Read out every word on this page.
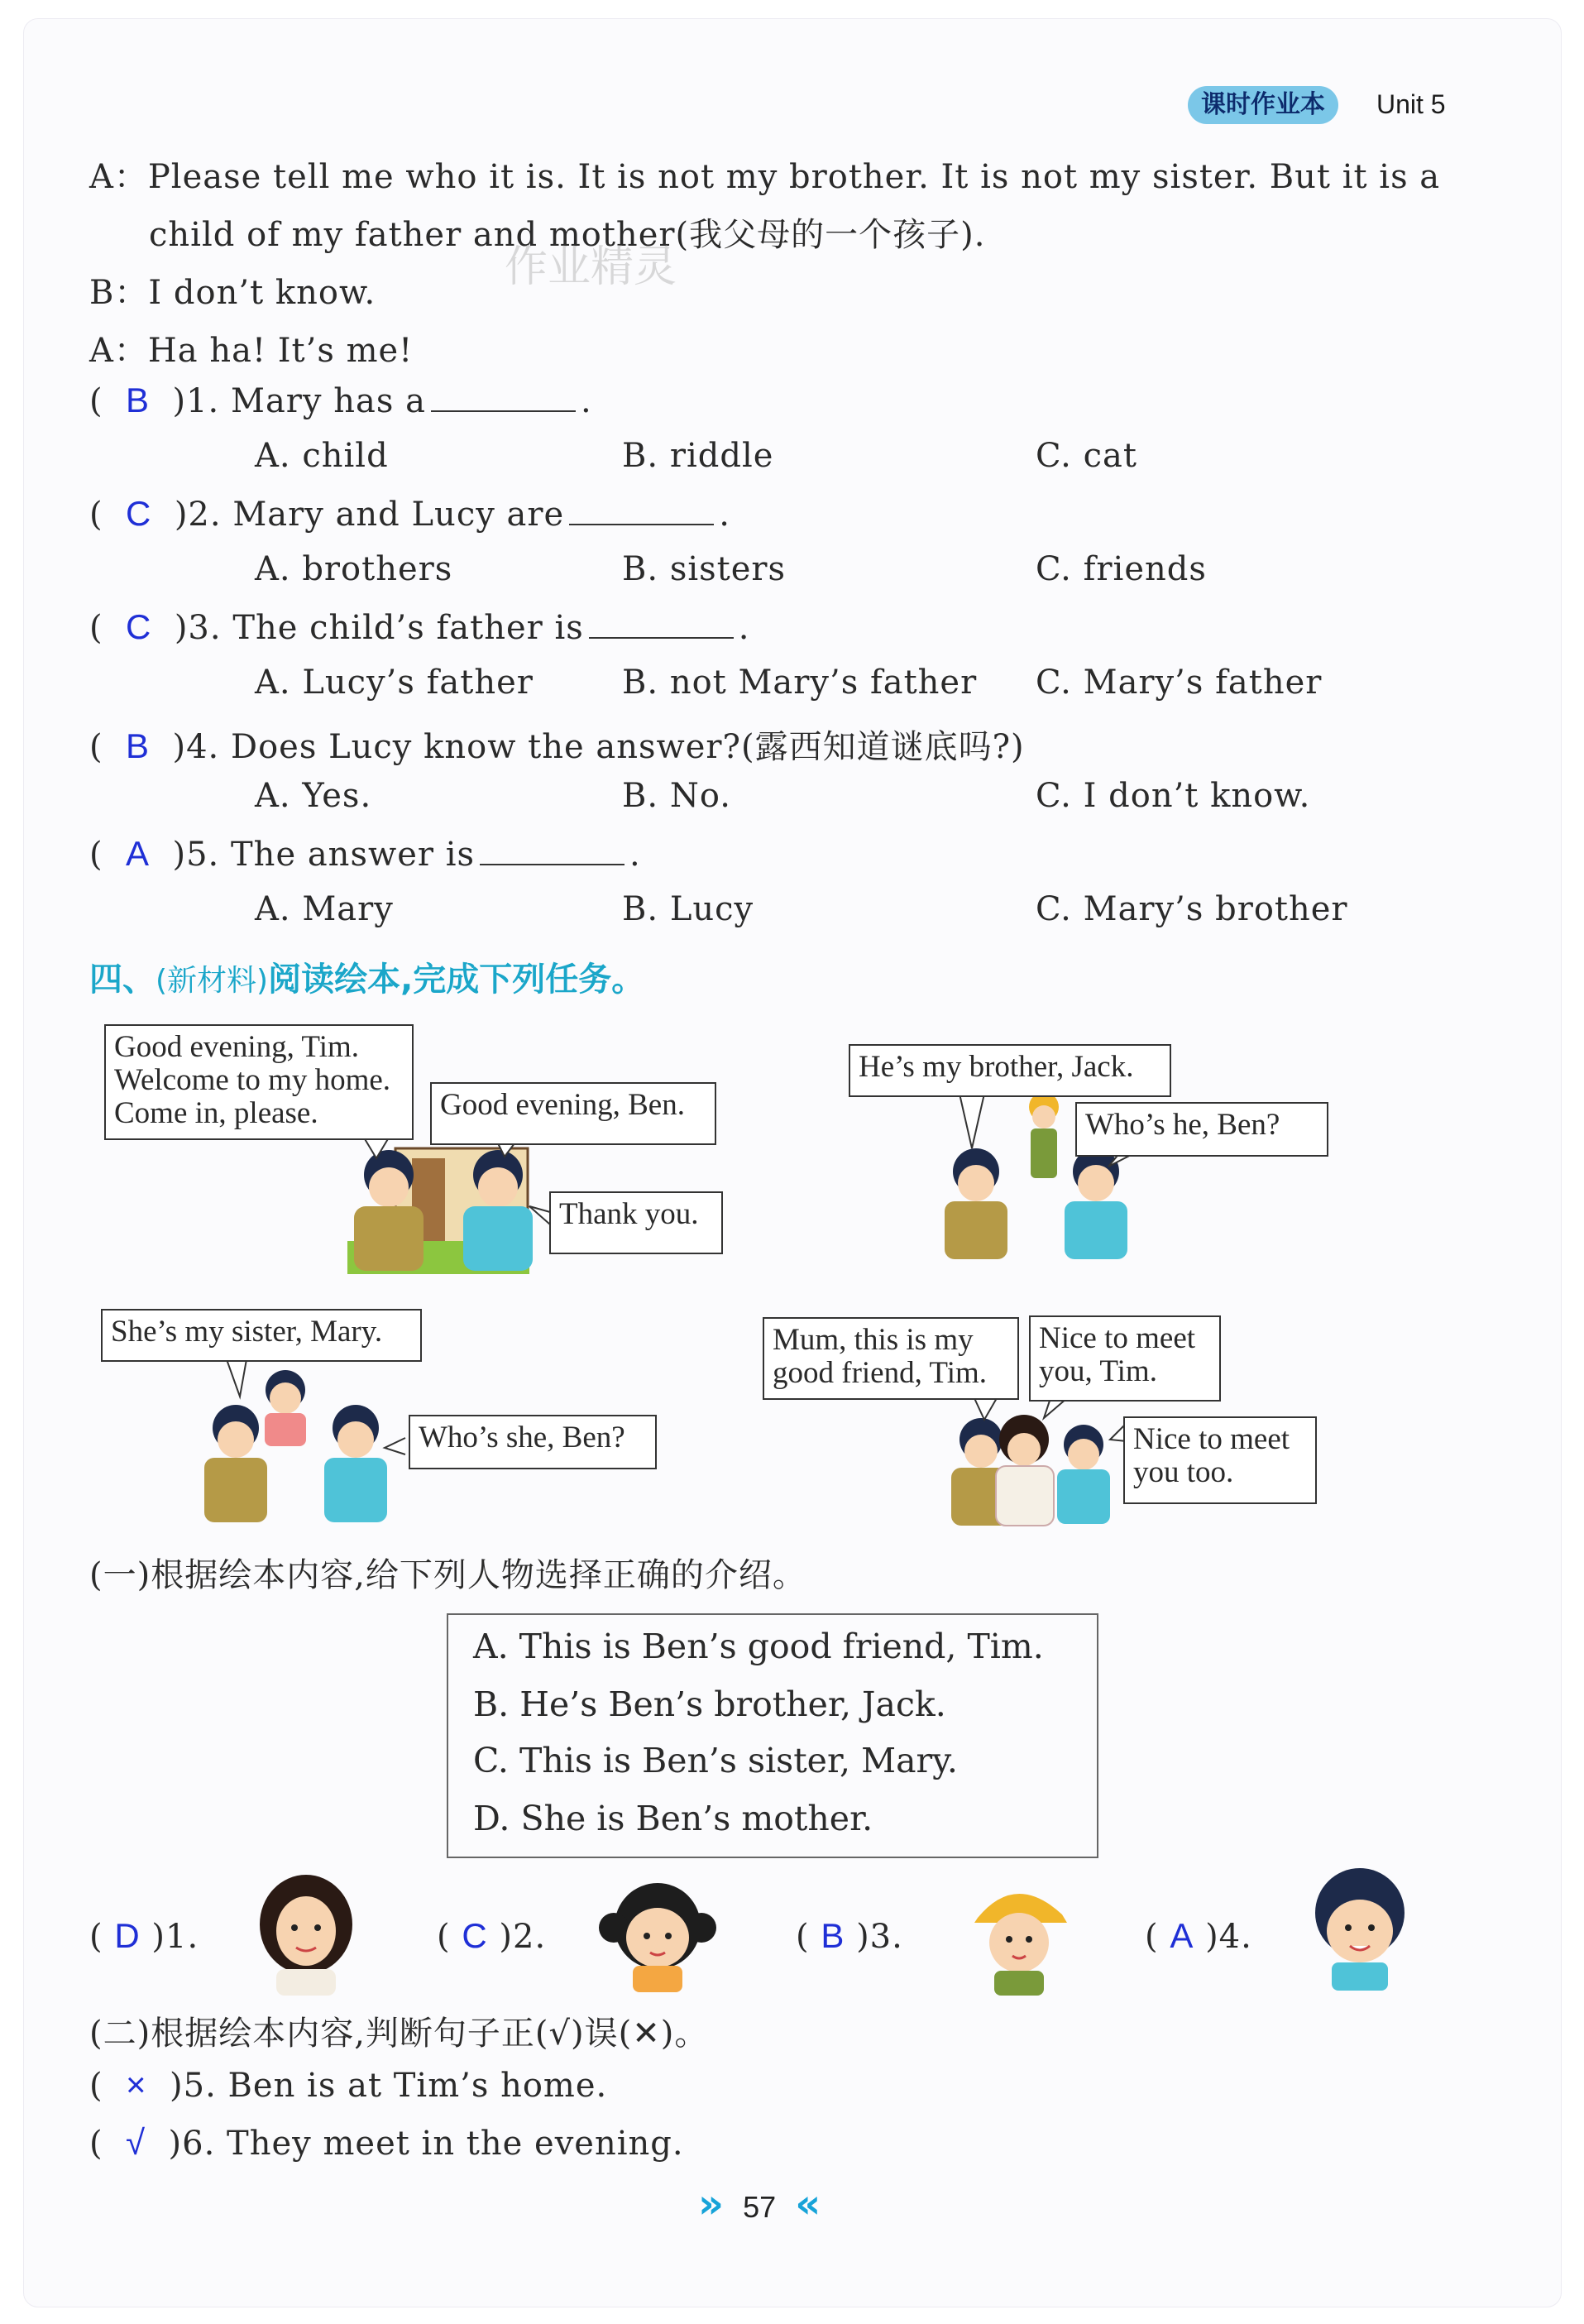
课时作业本	Unit 5
A：Please tell me who it is. It is not my brother. It is not my sister. But it is a
child of my father and mother(我父母的一个孩子).
B：I don’t know.
A：Ha ha! It’s me!
作业精灵
(  B )1. Mary has a	.
A. child	B. riddle	C. cat
(  C )2. Mary and Lucy are	.
A. brothers	B. sisters	C. friends
(  C )3. The child’s father is	.
A. Lucy’s father	B. not Mary’s father C. Mary’s father
(  B )4. Does Lucy know the answer?(露西知道谜底吗?)
A. Yes.	B. No.	C. I don’t know.
(  A )5. The answer is	.
A. Mary	B. Lucy	C. Mary’s brother
四、(新材料)阅读绘本,完成下列任务。
Good evening, Tim.
Welcome to my home.
Come in, please.	Good evening, Ben.
Thank you.
He’s my brother, Jack.
Who’s he, Ben?
She’s my sister, Mary.
Who’s she, Ben?
Mum, this is my
good friend, Tim.
Nice to meet
you, Tim.
Nice to meet
you too.
(一)根据绘本内容,给下列人物选择正确的介绍。
A. This is Ben’s good friend, Tim.
B. He’s Ben’s brother, Jack.
C. This is Ben’s sister, Mary.
D. She is Ben’s mother.
( D )1.	( C )2.	( B )3.	( A )4.
(二)根据绘本内容,判断句子正(√)误(✕)。
(  × )5. Ben is at Tim’s home.
(  √ )6. They meet in the evening.
» 57 «
